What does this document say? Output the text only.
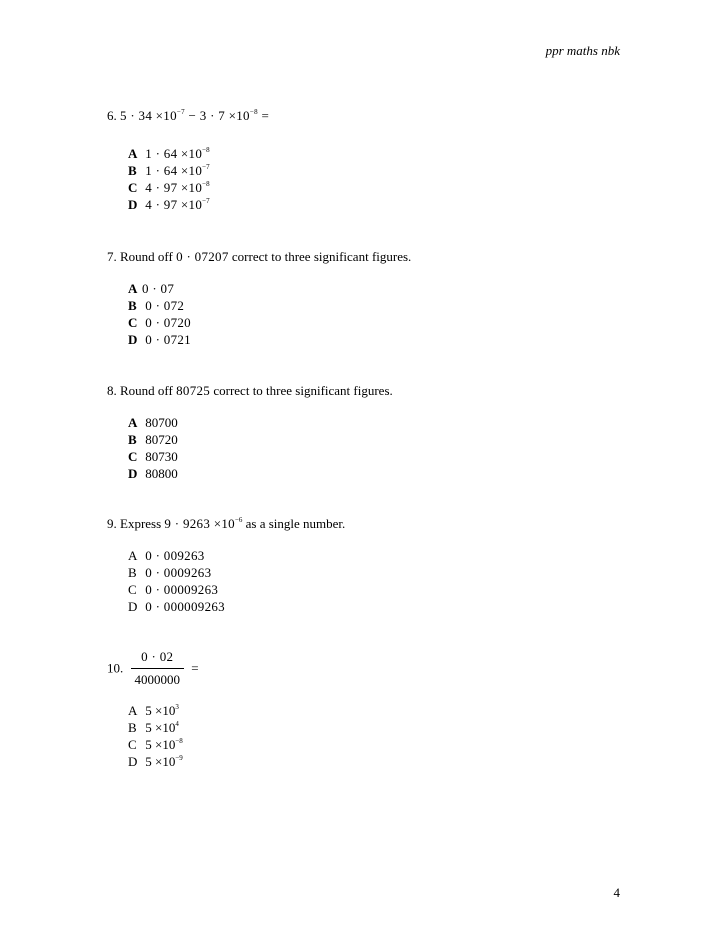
ppr maths nbk
6. $5 \cdot 34 \times 10^{-7} - 3 \cdot 7 \times 10^{-8}$ =
A $1 \cdot 64 \times 10^{-8}$
B $1 \cdot 64 \times 10^{-7}$
C $4 \cdot 97 \times 10^{-8}$
D $4 \cdot 97 \times 10^{-7}$
7. Round off 0 · 07207 correct to three significant figures.
A 0 · 07
B 0 · 072
C 0 · 0720
D 0 · 0721
8. Round off 80725 correct to three significant figures.
A 80700
B 80720
C 80730
D 80800
9. Express $9 \cdot 9263 \times 10^{-6}$ as a single number.
A 0 · 009263
B 0 · 0009263
C 0 · 00009263
D 0 · 000009263
10. $\frac{0 \cdot 02}{4000000}$ =
A $5 \times 10^3$
B $5 \times 10^4$
C $5 \times 10^{-8}$
D $5 \times 10^{-9}$
4
